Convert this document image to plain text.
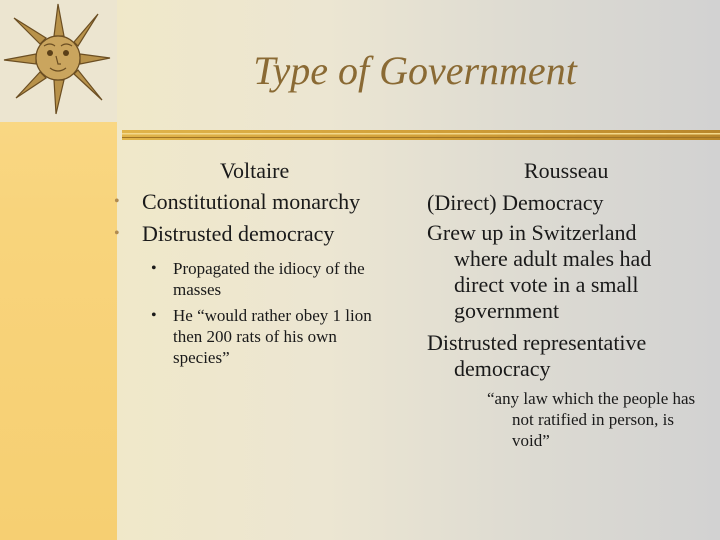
Type of Government
Voltaire
• Constitutional monarchy
• Distrusted democracy
• Propagated the idiocy of the masses
• He “would rather obey 1 lion then 200 rats of his own species”
Rousseau
(Direct) Democracy
Grew up in Switzerland
where adult males had
direct vote in a small
government
Distrusted representative
democracy
“any law which the people has not ratified in person, is void”
